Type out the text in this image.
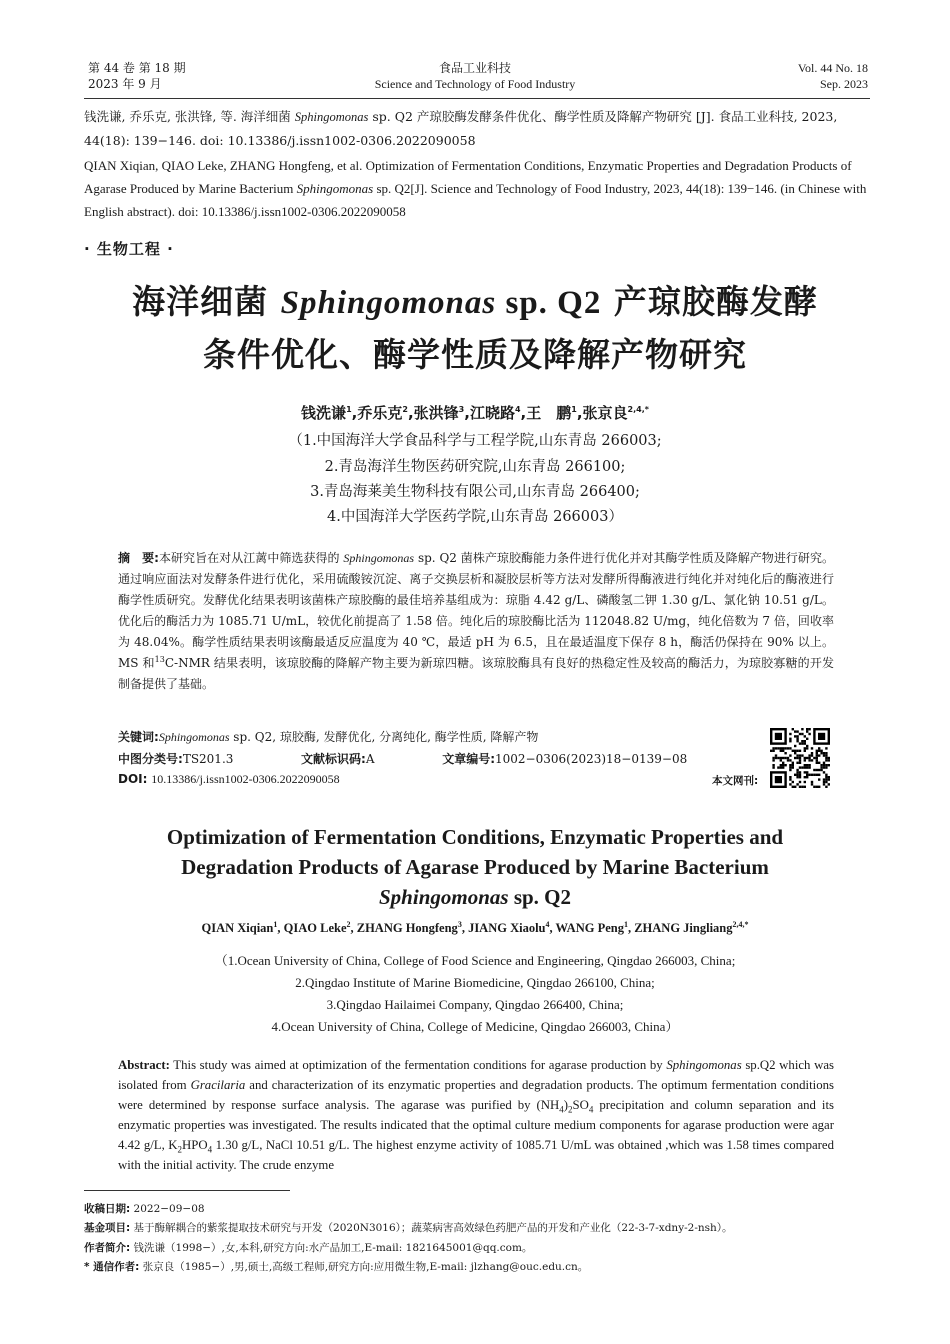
第 44 卷 第 18 期
2023 年 9 月
食品工业科技
Science and Technology of Food Industry
Vol. 44 No. 18
Sep. 2023
钱洗谦, 乔乐克, 张洪锋, 等. 海洋细菌 Sphingomonas sp. Q2 产琼胶酶发酵条件优化、酶学性质及降解产物研究 [J]. 食品工业科技, 2023, 44(18): 139−146. doi: 10.13386/j.issn1002-0306.2022090058
QIAN Xiqian, QIAO Leke, ZHANG Hongfeng, et al. Optimization of Fermentation Conditions, Enzymatic Properties and Degradation Products of Agarase Produced by Marine Bacterium Sphingomonas sp. Q2[J]. Science and Technology of Food Industry, 2023, 44(18): 139−146. (in Chinese with English abstract). doi: 10.13386/j.issn1002-0306.2022090058
· 生物工程 ·
海洋细菌 Sphingomonas sp. Q2 产琼胶酶发酵
条件优化、酶学性质及降解产物研究
钱洗谦$^1$,乔乐克$^2$,张洪锋$^3$,江晓路$^4$,王　鹏$^1$,张京良$^{2,4,*}$
（1.中国海洋大学食品科学与工程学院,山东青岛 266003;
2.青岛海洋生物医药研究院,山东青岛 266100;
3.青岛海莱美生物科技有限公司,山东青岛 266400;
4.中国海洋大学医药学院,山东青岛 266003）
摘　要:本研究旨在对从江蓠中筛选获得的 Sphingomonas sp. Q2 菌株产琼胶酶能力条件进行优化并对其酶学性质及降解产物进行研究。通过响应面法对发酵条件进行优化，采用硫酸铵沉淀、离子交换层析和凝胶层析等方法对发酵所得酶液进行纯化并对纯化后的酶液进行酶学性质研究。发酵优化结果表明该菌株产琼胶酶的最佳培养基组成为：琼脂 4.42 g/L、磷酸氢二钾 1.30 g/L、氯化钠 10.51 g/L。优化后的酶活力为 1085.71 U/mL，较优化前提高了 1.58 倍。纯化后的琼胶酶比活为 112048.82 U/mg，纯化倍数为 7 倍，回收率为 48.04%。酶学性质结果表明该酶最适反应温度为 40 ℃，最适 pH 为 6.5，且在最适温度下保存 8 h，酶活仍保持在 90% 以上。MS 和$^{13}$C-NMR 结果表明，该琼胶酶的降解产物主要为新琼四糖。该琼胶酶具有良好的热稳定性及较高的酶活力，为琼胶寡糖的开发制备提供了基础。
关键词:Sphingomonas sp. Q2, 琼胶酶, 发酵优化, 分离纯化, 酶学性质, 降解产物
中图分类号:TS201.3	文献标识码:A	文章编号:1002−0306(2023)18−0139−08
DOI: 10.13386/j.issn1002-0306.2022090058	本文网刊:
Optimization of Fermentation Conditions, Enzymatic Properties and
Degradation Products of Agarase Produced by Marine Bacterium
Sphingomonas sp. Q2
QIAN Xiqian$^1$, QIAO Leke$^2$, ZHANG Hongfeng$^3$, JIANG Xiaolu$^4$, WANG Peng$^1$, ZHANG Jingliang$^{2,4,*}$
（1.Ocean University of China, College of Food Science and Engineering, Qingdao 266003, China;
2.Qingdao Institute of Marine Biomedicine, Qingdao 266100, China;
3.Qingdao Hailaimei Company, Qingdao 266400, China;
4.Ocean University of China, College of Medicine, Qingdao 266003, China）
Abstract: This study was aimed at optimization of the fermentation conditions for agarase production by Sphingomonas sp.Q2 which was isolated from Gracilaria and characterization of its enzymatic properties and degradation products. The optimum fermentation conditions were determined by response surface analysis. The agarase was purified by $(NH_4)_2SO_4$ precipitation and column separation and its enzymatic properties was investigated. The results indicated that the optimal culture medium components for agarase production were agar 4.42 g/L, $K_2HPO_4$ 1.30 g/L, NaCl 10.51 g/L. The highest enzyme activity of 1085.71 U/mL was obtained ,which was 1.58 times compared with the initial activity. The crude enzyme
收稿日期: 2022−09−08
基金项目: 基于酶解耦合的紫浆提取技术研究与开发（2020N3016）；蔬菜病害高效绿色药肥产品的开发和产业化（22-3-7-xdny-2-nsh）。
作者简介: 钱洗谦（1998−）,女,本科,研究方向:水产品加工,E-mail: 1821645001@qq.com。
* 通信作者: 张京良（1985−）,男,硕士,高级工程师,研究方向:应用微生物,E-mail: jlzhang@ouc.edu.cn。
